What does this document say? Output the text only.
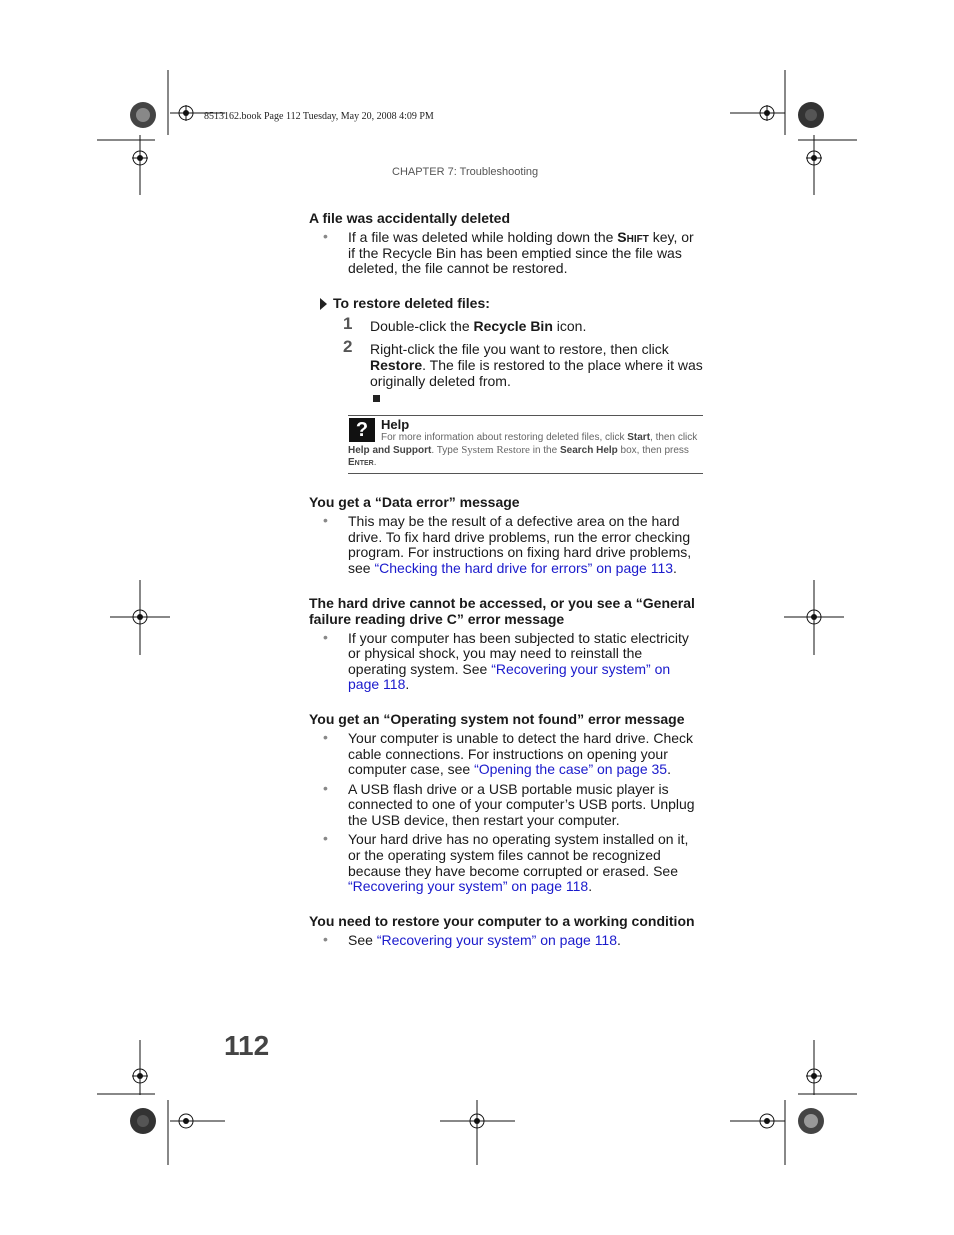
8513162.book Page 112 Tuesday, May 20, 2008 4:09 PM
CHAPTER 7: Troubleshooting
A file was accidentally deleted
• If a file was deleted while holding down the Shift key, or if the Recycle Bin has been emptied since the file was deleted, the file cannot be restored.
To restore deleted files:
1 Double-click the Recycle Bin icon.
2 Right-click the file you want to restore, then click Restore. The file is restored to the place where it was originally deleted from.
? Help
For more information about restoring deleted files, click Start, then click Help and Support. Type System Restore in the Search Help box, then press Enter.
You get a “Data error” message
• This may be the result of a defective area on the hard drive. To fix hard drive problems, run the error checking program. For instructions on fixing hard drive problems, see “Checking the hard drive for errors” on page 113.
The hard drive cannot be accessed, or you see a “General failure reading drive C” error message
• If your computer has been subjected to static electricity or physical shock, you may need to reinstall the operating system. See “Recovering your system” on page 118.
You get an “Operating system not found” error message
• Your computer is unable to detect the hard drive. Check cable connections. For instructions on opening your computer case, see “Opening the case” on page 35.
• A USB flash drive or a USB portable music player is connected to one of your computer’s USB ports. Unplug the USB device, then restart your computer.
• Your hard drive has no operating system installed on it, or the operating system files cannot be recognized because they have become corrupted or erased. See “Recovering your system” on page 118.
You need to restore your computer to a working condition
• See “Recovering your system” on page 118.
112
